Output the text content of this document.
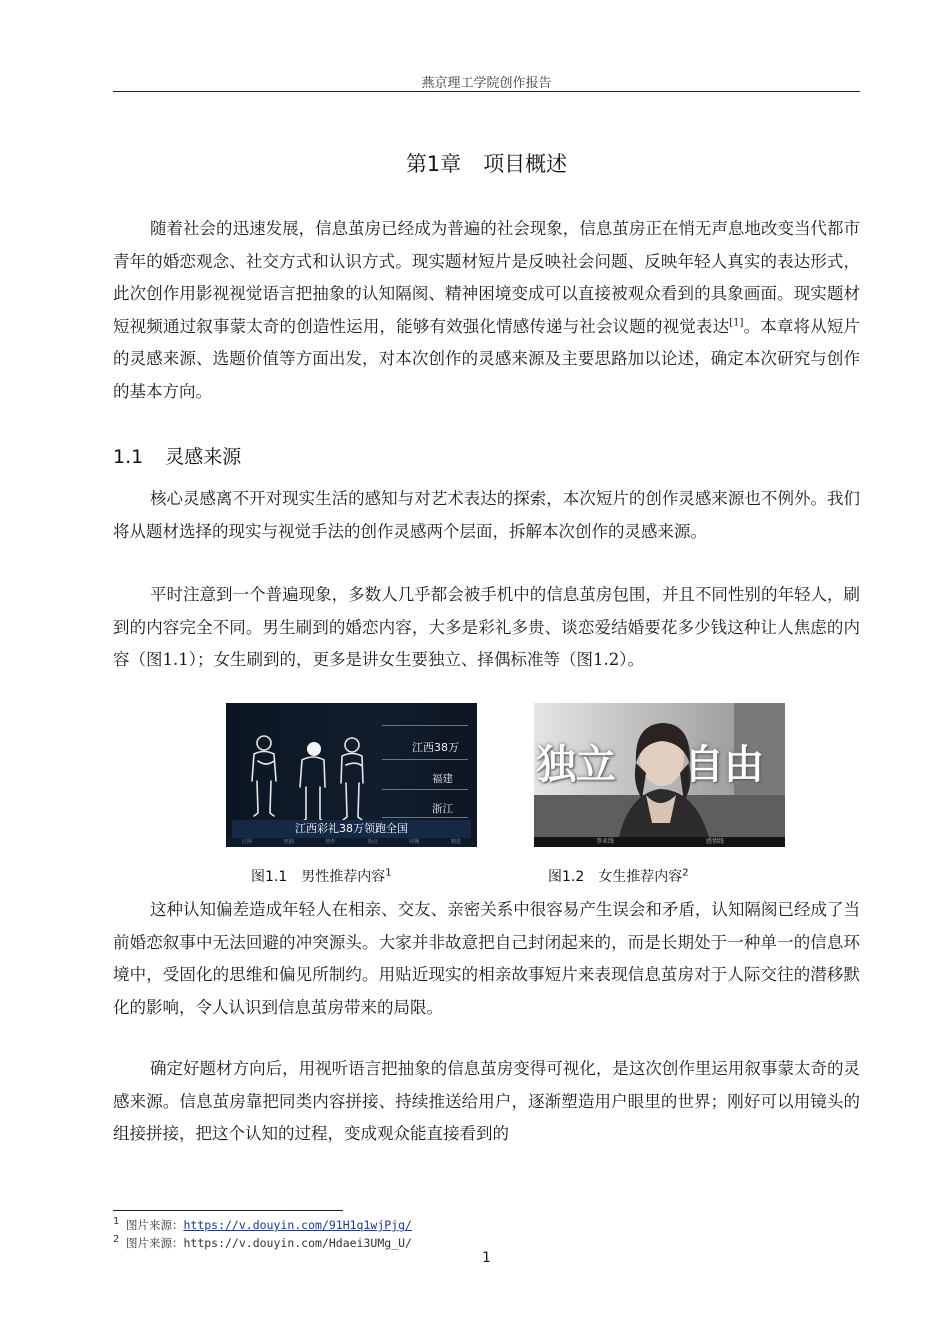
燕京理工学院创作报告
第1章 项目概述

随着社会的迅速发展，信息茧房已经成为普遍的社会现象，信息茧房正在悄无声息地改变当代都市青年的婚恋观念、社交方式和认识方式。现实题材短片是反映社会问题、反映年轻人真实的表达形式，此次创作用影视视觉语言把抽象的认知隔阂、精神困境变成可以直接被观众看到的具象画面。现实题材短视频通过叙事蒙太奇的创造性运用，能够有效强化情感传递与社会议题的视觉表达[1]。本章将从短片的灵感来源、选题价值等方面出发，对本次创作的灵感来源及主要思路加以论述，确定本次研究与创作的基本方向。

1.1 灵感来源

核心灵感离不开对现实生活的感知与对艺术表达的探索，本次短片的创作灵感来源也不例外。我们将从题材选择的现实与视觉手法的创作灵感两个层面，拆解本次创作的灵感来源。

平时注意到一个普遍现象，多数人几乎都会被手机中的信息茧房包围，并且不同性别的年轻人，刷到的内容完全不同。男生刷到的婚恋内容，大多是彩礼多贵、谈恋爱结婚要花多少钱这种让人焦虑的内容（图1.1）；女生刷到的，更多是讲女生要独立、择偶标准等（图1.2）。

江西38万
福建
浙江
江西彩礼38万领跑全国
订阅	短剧	推荐	热点	同城	精选
独立 自由
事业线	感情线
图1.1 男性推荐内容$^1$	图1.2 女生推荐内容$^2$

这种认知偏差造成年轻人在相亲、交友、亲密关系中很容易产生误会和矛盾，认知隔阂已经成了当前婚恋叙事中无法回避的冲突源头。大家并非故意把自己封闭起来的，而是长期处于一种单一的信息环境中，受固化的思维和偏见所制约。用贴近现实的相亲故事短片来表现信息茧房对于人际交往的潜移默化的影响，令人认识到信息茧房带来的局限。

确定好题材方向后，用视听语言把抽象的信息茧房变得可视化，是这次创作里运用叙事蒙太奇的灵感来源。信息茧房靠把同类内容拼接、持续推送给用户，逐渐塑造用户眼里的世界；刚好可以用镜头的组接拼接，把这个认知的过程，变成观众能直接看到的

$^1$ 图片来源：https://v.douyin.com/91H1q1wjPjg/
$^2$ 图片来源：https://v.douyin.com/Hdaei3UMg_U/
1
